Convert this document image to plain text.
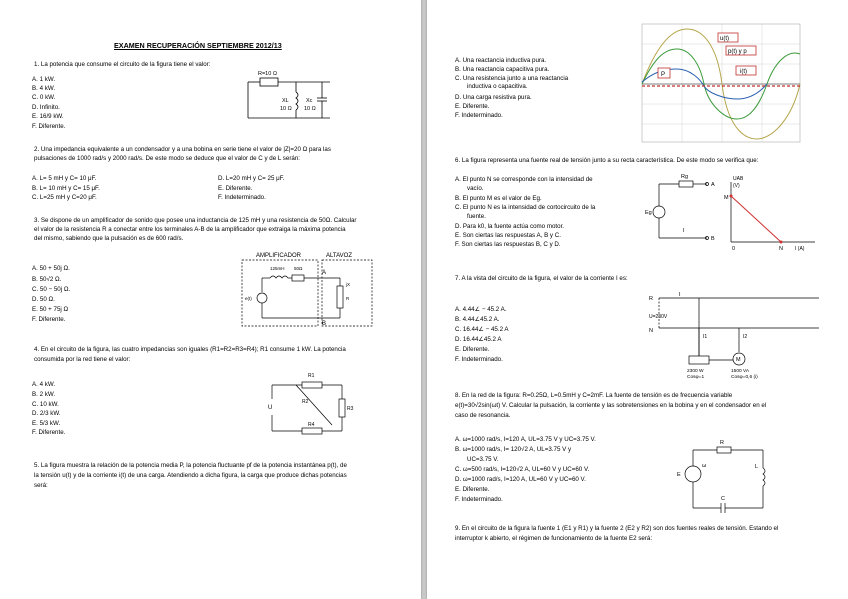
EXAMEN RECUPERACIÓN SEPTIEMBRE 2012/13
1. La potencia que consume el circuito de la figura tiene el valor:
A. 1 kW.
B. 4 kW.
C. 0 kW.
D. Infinito.
E. 16/9 kW.
F. Diferente.
R=10 Ω
XL
10 Ω
Xc
10 Ω
2. Una impedancia equivalente a un condensador y a una bobina en serie tiene el valor de |Z|=20 Ω para las
pulsaciones de 1000 rad/s y 2000 rad/s. De este modo se deduce que el valor de C y de L serán:
A. L= 5 mH y C= 10 μF.
B. L= 10 mH y C= 15 μF.
C. L=25 mH y C=20 μF.
D. L=20 mH y C= 25 μF.
E. Diferente.
F. Indeterminado.
3. Se dispone de un amplificador de sonido que posee una inductancia de 125 mH y una resistencia de 50Ω. Calcular
el valor de la resistencia R a conectar entre los terminales A-B de la amplificador que extraiga la máxima potencia
del mismo, sabiendo que la pulsación es de 600 rad/s.
A. 50 + 50j Ω.
B. 50√2 Ω.
C. 50 − 50j Ω.
D. 50 Ω.
E. 50 + 75j Ω
F. Diferente.
AMPLIFICADOR	ALTAVOZ
A
B
125mH 50Ω
e(t)	R
jX
4. En el circuito de la figura, las cuatro impedancias son iguales (R1=R2=R3=R4); R1 consume 1 kW. La potencia
consumida por la red tiene el valor:
A. 4 kW.
B. 2 kW.
C. 10 kW.
D. 2/3 kW.
E. 5/3 kW.
F. Diferente.
U
R1
R2
R3
R4
5. La figura muestra la relación de la potencia media P, la potencia fluctuante pf de la potencia instantánea p(t), de
la tensión u(t) y de la corriente i(t) de una carga. Atendiendo a dicha figura, la carga que produce dichas potencias
será:
A. Una reactancia inductiva pura.
B. Una reactancia capacitiva pura.
C. Una resistencia junto a una reactancia
inductiva o capacitiva.
D. Una carga resistiva pura.
E. Diferente.
F. Indeterminado.
u(t)
p(t) y p
i(t)
P
6. La figura representa una fuente real de tensión junto a su recta característica. De este modo se verifica que:
A. El punto N se corresponde con la intensidad de
vacío.
B. El punto M es el valor de Eg.
C. El punto N es la intensidad de cortocircuito de la
fuente.
D. Para k0, la fuente actúa como motor.
E. Son ciertas las respuestas A, B y C.
F. Son ciertas las respuestas B, C y D.
Rg
Eg
I
A
B
UAB
(V)
M
0	N I (A)
7. A la vista del circuito de la figura, el valor de la corriente I es:
A. 4.44∠ − 45.2 A.
B. 4.44∠45.2 A.
C. 16.44∠ − 45.2 A
D. 16.44∠45.2 A
E. Diferente.
F. Indeterminado.
R
U=230V
N
I
I1	I2
M
2300 W
Cosφ=1
1500 VA
Cosφ=0,6 (i)
8. En la red de la figura: R=0.25Ω, L=0.5mH y C=2mF. La fuente de tensión es de frecuencia variable
e(t)=30√2sin(ωt) V. Calcular la pulsación, la corriente y las sobretensiones en la bobina y en el condensador en el
caso de resonancia.
A. ω=1000 rad/s, I=120 A, UL=3.75 V y UC=3.75 V.
B. ω=1000 rad/s, I= 120√2 A, UL=3.75 V y
UC=3.75 V.
C. ω=500 rad/s, I=120√2 A, UL=60 V y UC=60 V.
D. ω=1000 rad/s, I=120 A, UL=60 V y UC=60 V.
E. Diferente.
F. Indeterminado.
R
E
ω	L
C
9. En el circuito de la figura la fuente 1 (E1 y R1) y la fuente 2 (E2 y R2) son dos fuentes reales de tensión. Estando el
interruptor k abierto, el régimen de funcionamiento de la fuente E2 será:
